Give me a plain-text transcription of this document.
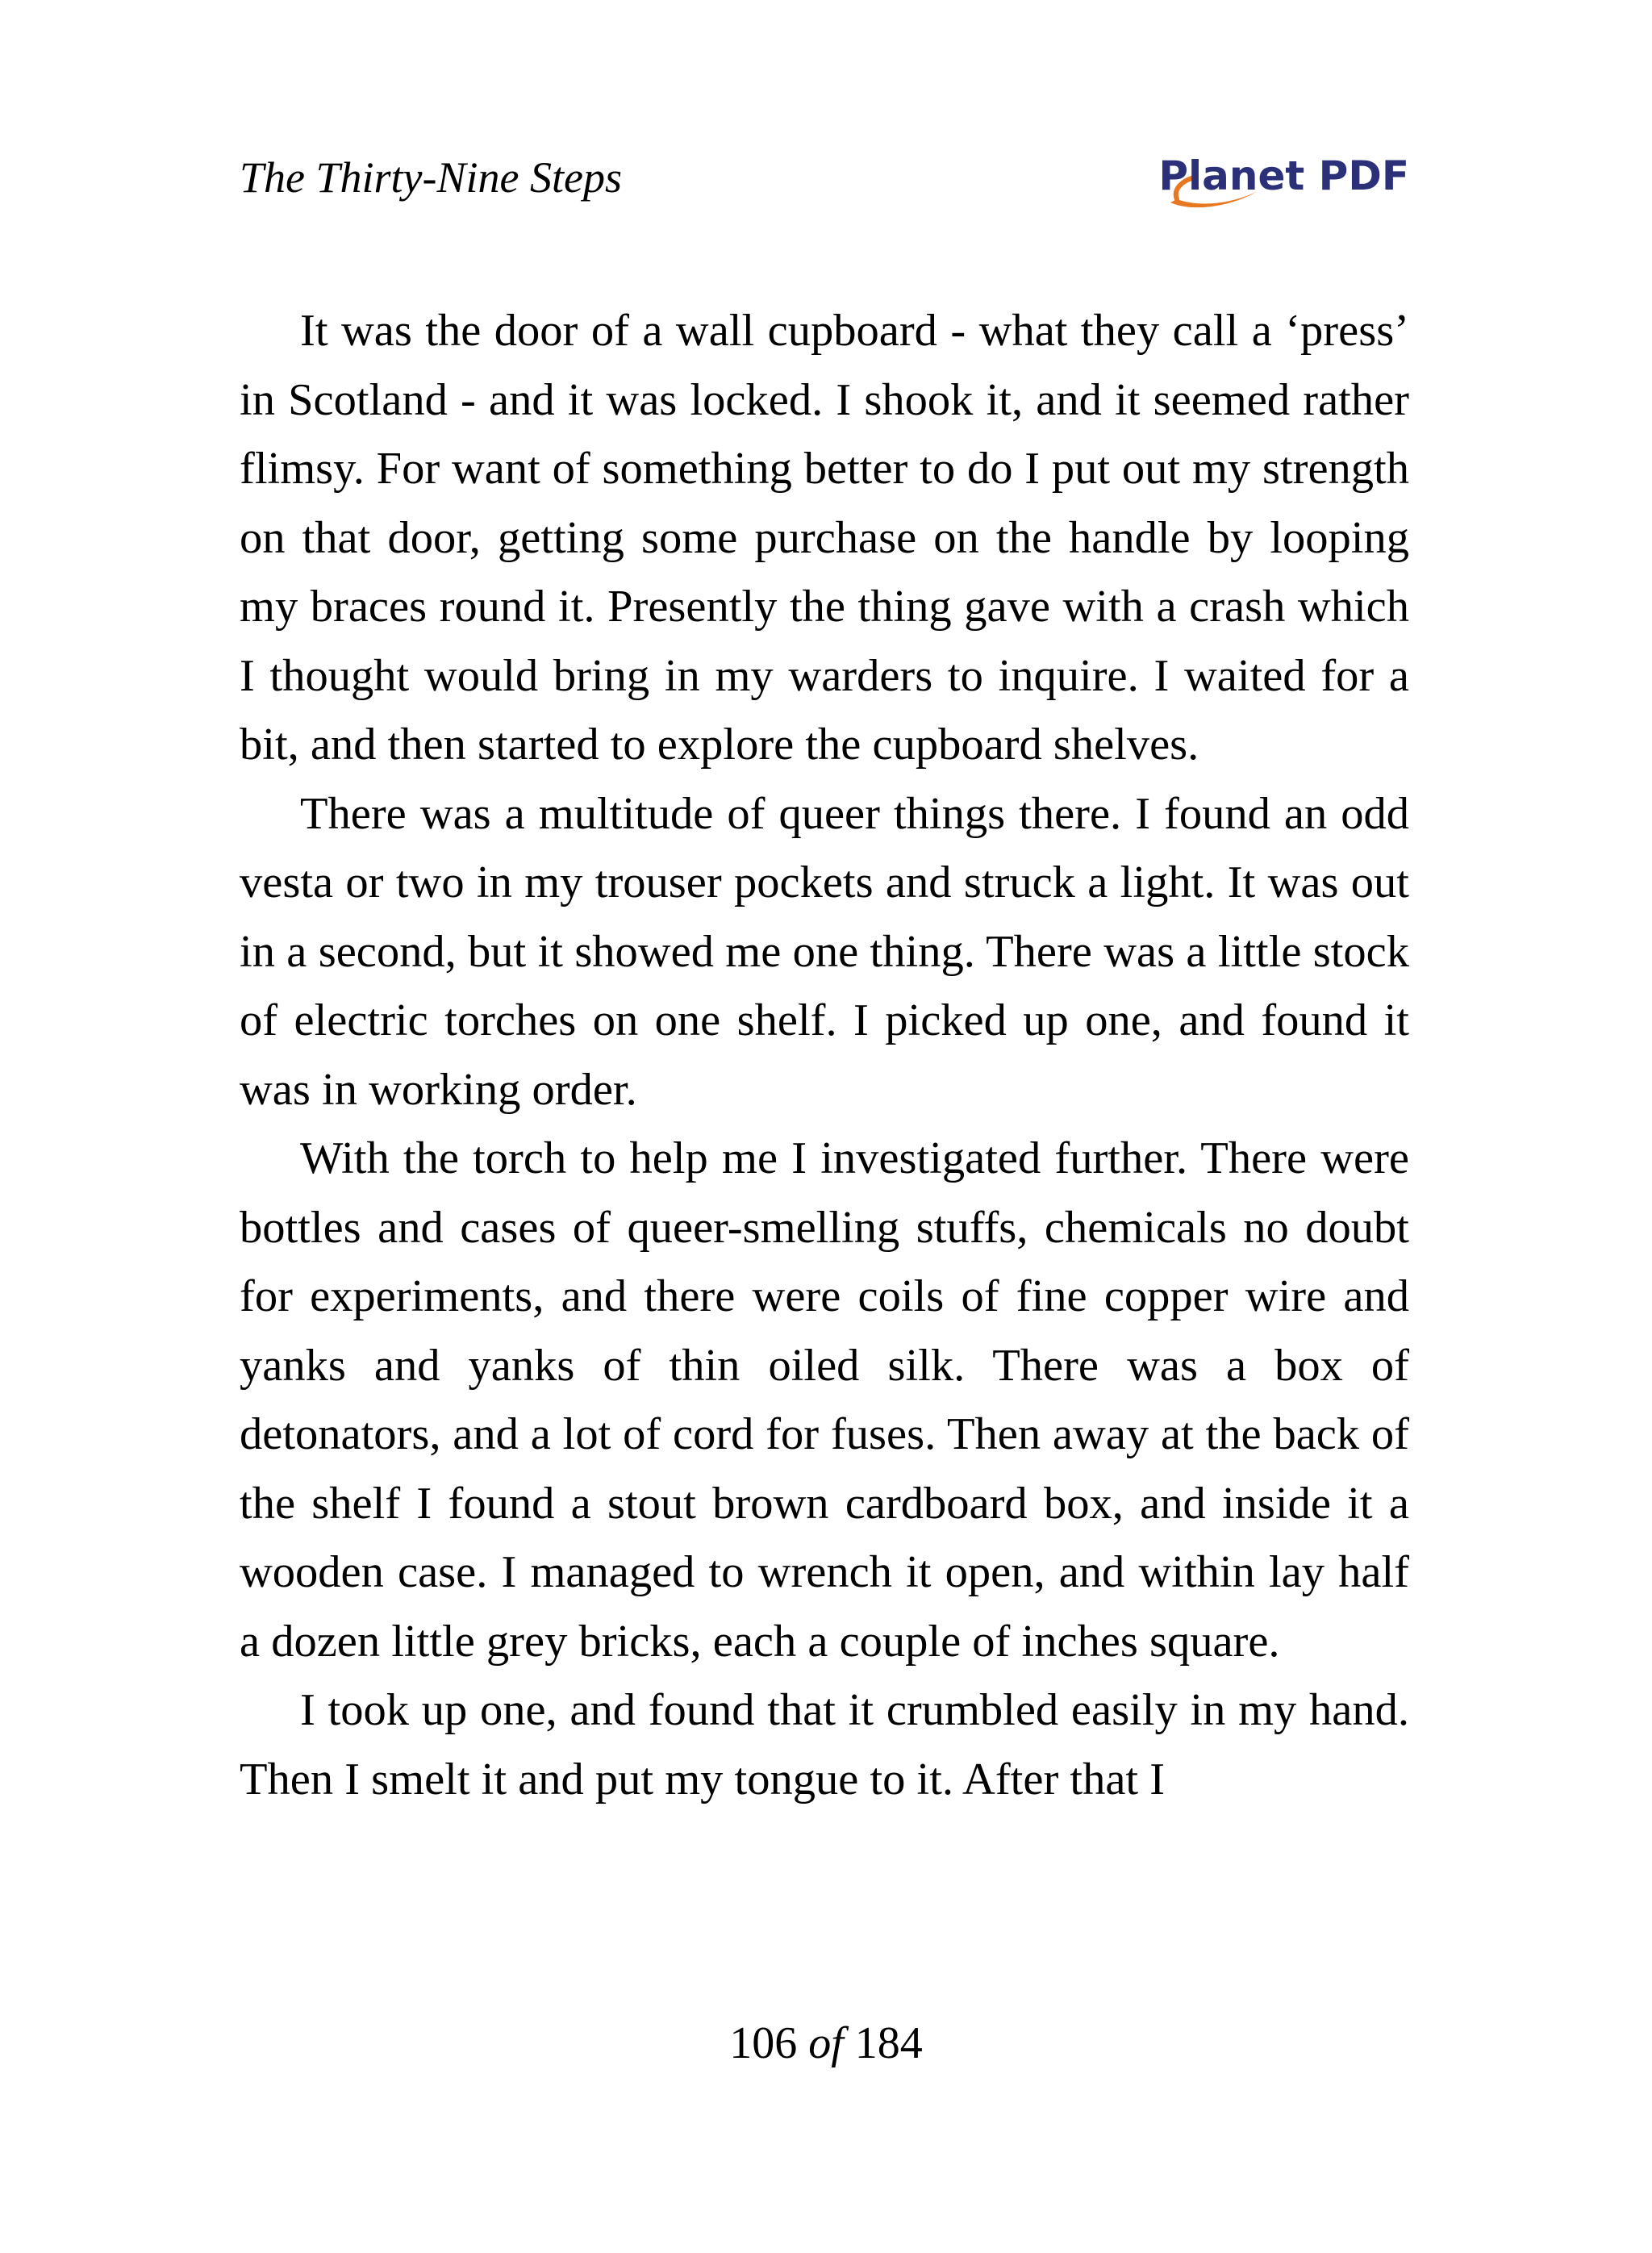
The Thirty-Nine Steps	Planet PDF

It was the door of a wall cupboard - what they call a ‘press’ in Scotland - and it was locked. I shook it, and it seemed rather flimsy. For want of something better to do I put out my strength on that door, getting some purchase on the handle by looping my braces round it. Presently the thing gave with a crash which I thought would bring in my warders to inquire. I waited for a bit, and then started to explore the cupboard shelves.

There was a multitude of queer things there. I found an odd vesta or two in my trouser pockets and struck a light. It was out in a second, but it showed me one thing. There was a little stock of electric torches on one shelf. I picked up one, and found it was in working order.

With the torch to help me I investigated further. There were bottles and cases of queer-smelling stuffs, chemicals no doubt for experiments, and there were coils of fine copper wire and yanks and yanks of thin oiled silk. There was a box of detonators, and a lot of cord for fuses. Then away at the back of the shelf I found a stout brown cardboard box, and inside it a wooden case. I managed to wrench it open, and within lay half a dozen little grey bricks, each a couple of inches square.

I took up one, and found that it crumbled easily in my hand. Then I smelt it and put my tongue to it. After that I

106 of 184
